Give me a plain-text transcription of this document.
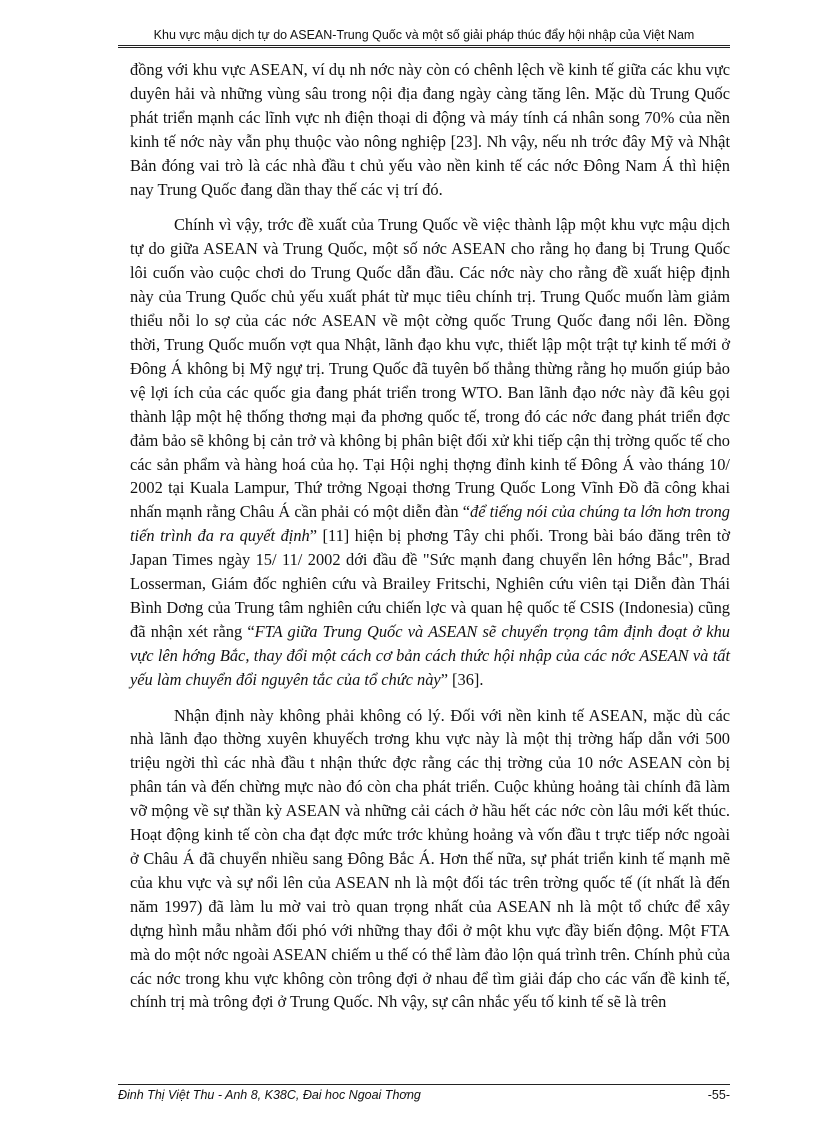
Khu vực mậu dịch tự do ASEAN-Trung Quốc và một số giải pháp thúc đẩy hội nhập của Việt Nam

đồng với khu vực ASEAN, ví dụ nh nớc này còn có chênh lệch về kinh tế giữa các khu vực duyên hải và những vùng sâu trong nội địa đang ngày càng tăng lên. Mặc dù Trung Quốc phát triển mạnh các lĩnh vực nh điện thoại di động và máy tính cá nhân song 70% của nền kinh tế nớc này vẫn phụ thuộc vào nông nghiệp [23]. Nh vậy, nếu nh trớc đây Mỹ và Nhật Bản đóng vai trò là các nhà đầu t chủ yếu vào nền kinh tế các nớc Đông Nam Á thì hiện nay Trung Quốc đang dần thay thế các vị trí đó.

Chính vì vậy, trớc đề xuất của Trung Quốc về việc thành lập một khu vực mậu dịch tự do giữa ASEAN và Trung Quốc, một số nớc ASEAN cho rằng họ đang bị Trung Quốc lôi cuốn vào cuộc chơi do Trung Quốc dẫn đầu. Các nớc này cho rằng đề xuất hiệp định này của Trung Quốc chủ yếu xuất phát từ mục tiêu chính trị. Trung Quốc muốn làm giảm thiểu nỗi lo sợ của các nớc ASEAN về một cờng quốc Trung Quốc đang nổi lên. Đồng thời, Trung Quốc muốn vợt qua Nhật, lãnh đạo khu vực, thiết lập một trật tự kinh tế mới ở Đông Á không bị Mỹ ngự trị. Trung Quốc đã tuyên bố thẳng thừng rằng họ muốn giúp bảo vệ lợi ích của các quốc gia đang phát triển trong WTO. Ban lãnh đạo nớc này đã kêu gọi thành lập một hệ thống thơng mại đa phơng quốc tế, trong đó các nớc đang phát triển đợc đảm bảo sẽ không bị cản trở và không bị phân biệt đối xử khi tiếp cận thị trờng quốc tế cho các sản phẩm và hàng hoá của họ. Tại Hội nghị thợng đỉnh kinh tế Đông Á vào tháng 10/ 2002 tại Kuala Lampur, Thứ trởng Ngoại thơng Trung Quốc Long Vĩnh Đồ đã công khai nhấn mạnh rằng Châu Á cần phải có một diễn đàn “để tiếng nói của chúng ta lớn hơn trong tiến trình đa ra quyết định” [11] hiện bị phơng Tây chi phối. Trong bài báo đăng trên tờ Japan Times ngày 15/ 11/ 2002 dới đầu đề "Sức mạnh đang chuyển lên hớng Bắc", Brad Losserman, Giám đốc nghiên cứu và Brailey Fritschi, Nghiên cứu viên tại Diễn đàn Thái Bình Dơng của Trung tâm nghiên cứu chiến lợc và quan hệ quốc tế CSIS (Indonesia) cũng đã nhận xét rằng “FTA giữa Trung Quốc và ASEAN sẽ chuyển trọng tâm định đoạt ở khu vực lên hớng Bắc, thay đổi một cách cơ bản cách thức hội nhập của các nớc ASEAN và tất yếu làm chuyển đổi nguyên tắc của tổ chức này” [36].

Nhận định này không phải không có lý. Đối với nền kinh tế ASEAN, mặc dù các nhà lãnh đạo thờng xuyên khuyếch trơng khu vực này là một thị trờng hấp dẫn với 500 triệu ngời thì các nhà đầu t nhận thức đợc rằng các thị trờng của 10 nớc ASEAN còn bị phân tán và đến chừng mực nào đó còn cha phát triển. Cuộc khủng hoảng tài chính đã làm vỡ mộng về sự thần kỳ ASEAN và những cải cách ở hầu hết các nớc còn lâu mới kết thúc. Hoạt động kinh tế còn cha đạt đợc mức trớc khủng hoảng và vốn đầu t trực tiếp nớc ngoài ở Châu Á đã chuyển nhiều sang Đông Bắc Á. Hơn thế nữa, sự phát triển kinh tế mạnh mẽ của khu vực và sự nổi lên của ASEAN nh là một đối tác trên trờng quốc tế (ít nhất là đến năm 1997) đã làm lu mờ vai trò quan trọng nhất của ASEAN nh là một tổ chức để xây dựng hình mẫu nhằm đối phó với những thay đổi ở một khu vực đầy biến động. Một FTA mà do một nớc ngoài ASEAN chiếm u thế có thể làm đảo lộn quá trình trên. Chính phủ của các nớc trong khu vực không còn trông đợi ở nhau để tìm giải đáp cho các vấn đề kinh tế, chính trị mà trông đợi ở Trung Quốc. Nh vậy, sự cân nhắc yếu tố kinh tế sẽ là trên

Đinh Thị Việt Thu - Anh 8, K38C, Đai hoc Ngoai Thơng	-55-
